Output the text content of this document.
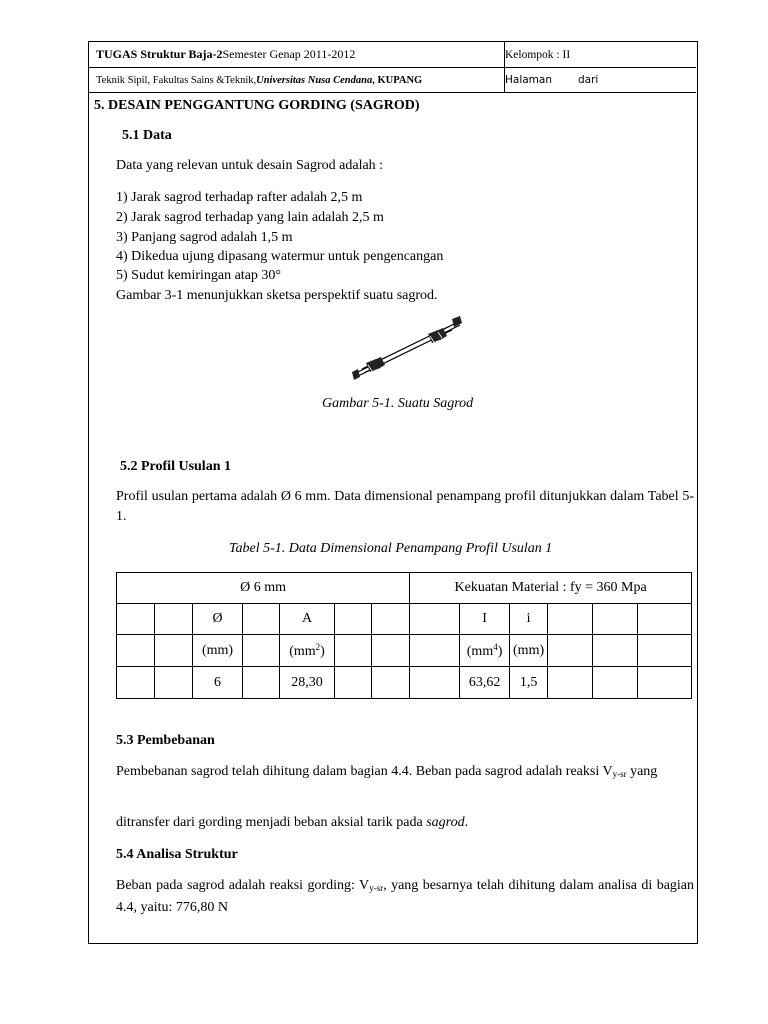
TUGAS Struktur Baja-2 Semester Genap 2011-2012	Kelompok : II
Teknik Sipil, Fakultas Sains &Teknik, Universitas Nusa Cendana , KUPANG	Halaman dari
5. DESAIN PENGGANTUNG GORDING (SAGROD)
5.1 Data
Data yang relevan untuk desain Sagrod adalah :
1) Jarak sagrod terhadap rafter adalah 2,5 m
2) Jarak sagrod terhadap yang lain adalah 2,5 m
3) Panjang sagrod adalah 1,5 m
4) Dikedua ujung dipasang watermur untuk pengencangan
5) Sudut kemiringan atap 30°
Gambar 3-1 menunjukkan sketsa perspektif suatu sagrod.
Gambar 5-1. Suatu Sagrod
5.2 Profil Usulan 1
Profil usulan pertama adalah Ø 6 mm. Data dimensional penampang profil ditunjukkan dalam Tabel 5-1.
Tabel 5-1. Data Dimensional Penampang Profil Usulan 1
Ø 6 mm							Kekuatan Material : fy = 360 Mpa					
		Ø		A				I	i			
		(mm)		$(mm^2)$				$(mm^4)$	(mm)			
		6		28,30				63,62	1,5			
5.3 Pembebanan
Pembebanan sagrod telah dihitung dalam bagian 4.4. Beban pada sagrod adalah reaksi $V_{y-sr}$ yang
ditransfer dari gording menjadi beban aksial tarik pada sagrod.
5.4 Analisa Struktur
Beban pada sagrod adalah reaksi gording: $V_{y-sr}$, yang besarnya telah dihitung dalam analisa di bagian 4.4, yaitu: 776,80 N
